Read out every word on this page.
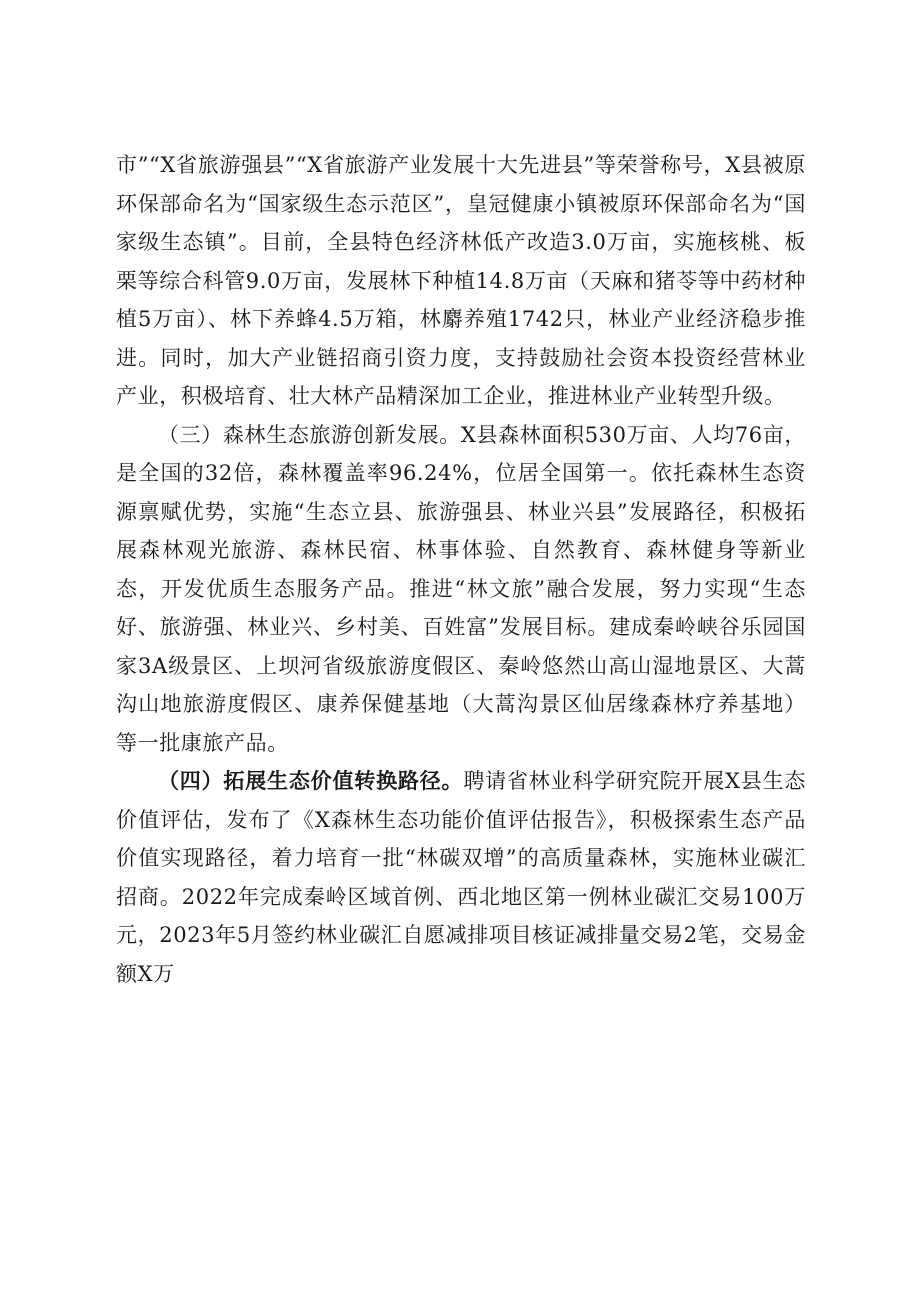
市”“X省旅游强县”“X省旅游产业发展十大先进县”等荣誉称号，X县被原环保部命名为“国家级生态示范区”，皇冠健康小镇被原环保部命名为“国家级生态镇”。目前，全县特色经济林低产改造3.0万亩，实施核桃、板栗等综合科管9.0万亩，发展林下种植14.8万亩（天麻和猪苓等中药材种植5万亩）、林下养蜂4.5万箱，林麝养殖1742只，林业产业经济稳步推进。同时，加大产业链招商引资力度，支持鼓励社会资本投资经营林业产业，积极培育、壮大林产品精深加工企业，推进林业产业转型升级。

（三）森林生态旅游创新发展。X县森林面积530万亩、人均76亩，是全国的32倍，森林覆盖率96.24%，位居全国第一。依托森林生态资源禀赋优势，实施“生态立县、旅游强县、林业兴县”发展路径，积极拓展森林观光旅游、森林民宿、林事体验、自然教育、森林健身等新业态，开发优质生态服务产品。推进“林文旅”融合发展，努力实现“生态好、旅游强、林业兴、乡村美、百姓富”发展目标。建成秦岭峡谷乐园国家3A级景区、上坝河省级旅游度假区、秦岭悠然山高山湿地景区、大蒿沟山地旅游度假区、康养保健基地（大蒿沟景区仙居缘森林疗养基地）等一批康旅产品。

（四）拓展生态价值转换路径。聘请省林业科学研究院开展X县生态价值评估，发布了《X森林生态功能价值评估报告》，积极探索生态产品价值实现路径，着力培育一批“林碳双增”的高质量森林，实施林业碳汇招商。2022年完成秦岭区域首例、西北地区第一例林业碳汇交易100万元，2023年5月签约林业碳汇自愿减排项目核证减排量交易2笔，交易金额X万
